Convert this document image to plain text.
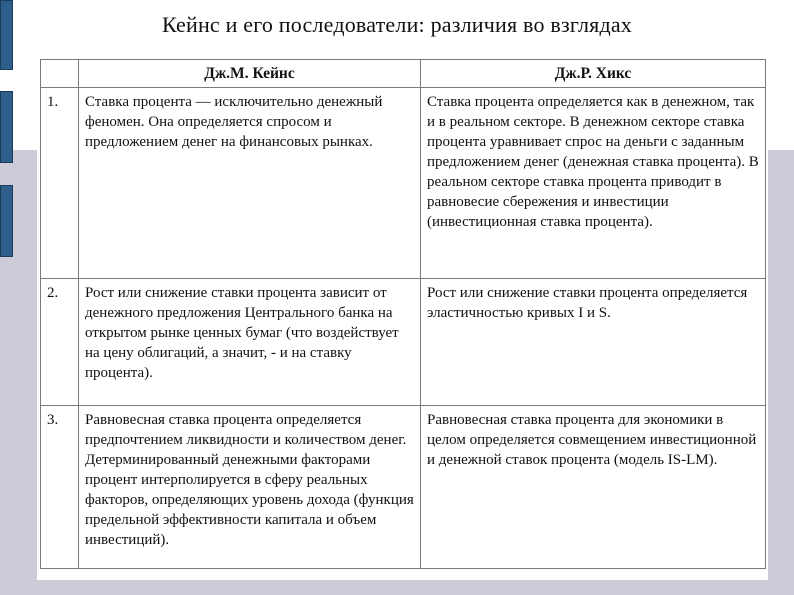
Кейнс и его последователи: различия во взглядах
	Дж.М. Кейнс	Дж.Р. Хикс
1.	Ставка процента — исключительно денежный феномен. Она определяется спросом и предложением денег на финансовых рынках.	Ставка процента определяется как в денежном, так и в реальном секторе. В денежном секторе ставка процента уравнивает спрос на деньги с заданным предложением денег (денежная ставка процента). В реальном секторе ставка процента приводит в равновесие сбережения и инвестиции (инвестиционная ставка процента).
2.	Рост или снижение ставки процента зависит от денежного предложения Центрального банка на открытом рынке ценных бумаг (что воздействует на цену облигаций, а значит, - и на ставку процента).	Рост или снижение ставки процента определяется эластичностью кривых I и S.
3.	Равновесная ставка процента определяется предпочтением ликвидности и количеством денег. Детерминированный денежными факторами процент интерполируется в сферу реальных факторов, определяющих уровень дохода (функция предельной эффективности капитала и объем инвестиций).	Равновесная ставка процента для экономики в целом определяется совмещением инвестиционной и денежной ставок процента (модель IS-LM).
